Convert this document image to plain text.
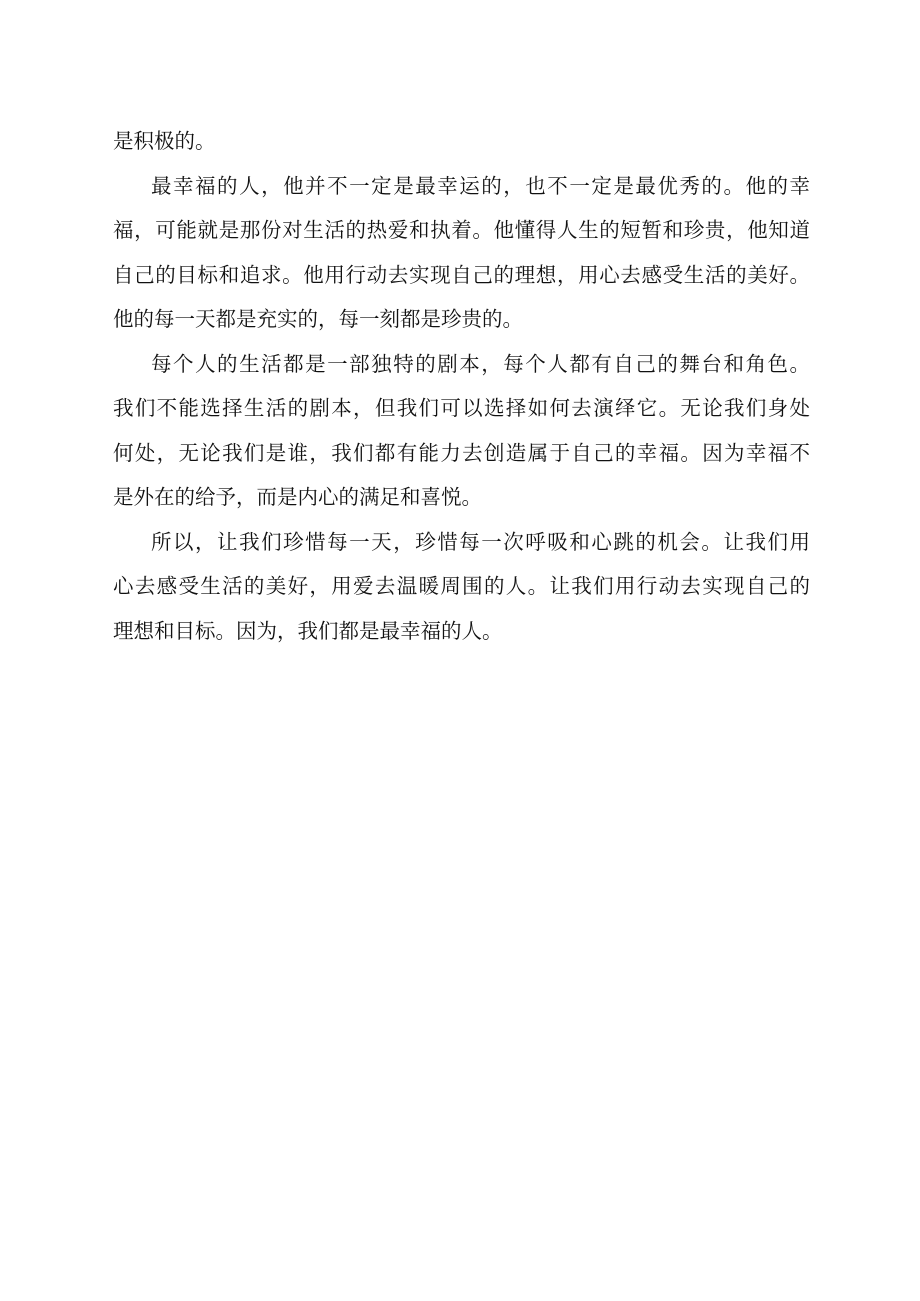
是积极的。
最幸福的人，他并不一定是最幸运的，也不一定是最优秀的。他的幸
福，可能就是那份对生活的热爱和执着。他懂得人生的短暂和珍贵，他知道
自己的目标和追求。他用行动去实现自己的理想，用心去感受生活的美好。
他的每一天都是充实的，每一刻都是珍贵的。
每个人的生活都是一部独特的剧本，每个人都有自己的舞台和角色。
我们不能选择生活的剧本，但我们可以选择如何去演绎它。无论我们身处
何处，无论我们是谁，我们都有能力去创造属于自己的幸福。因为幸福不
是外在的给予，而是内心的满足和喜悦。
所以，让我们珍惜每一天，珍惜每一次呼吸和心跳的机会。让我们用
心去感受生活的美好，用爱去温暖周围的人。让我们用行动去实现自己的
理想和目标。因为，我们都是最幸福的人。
